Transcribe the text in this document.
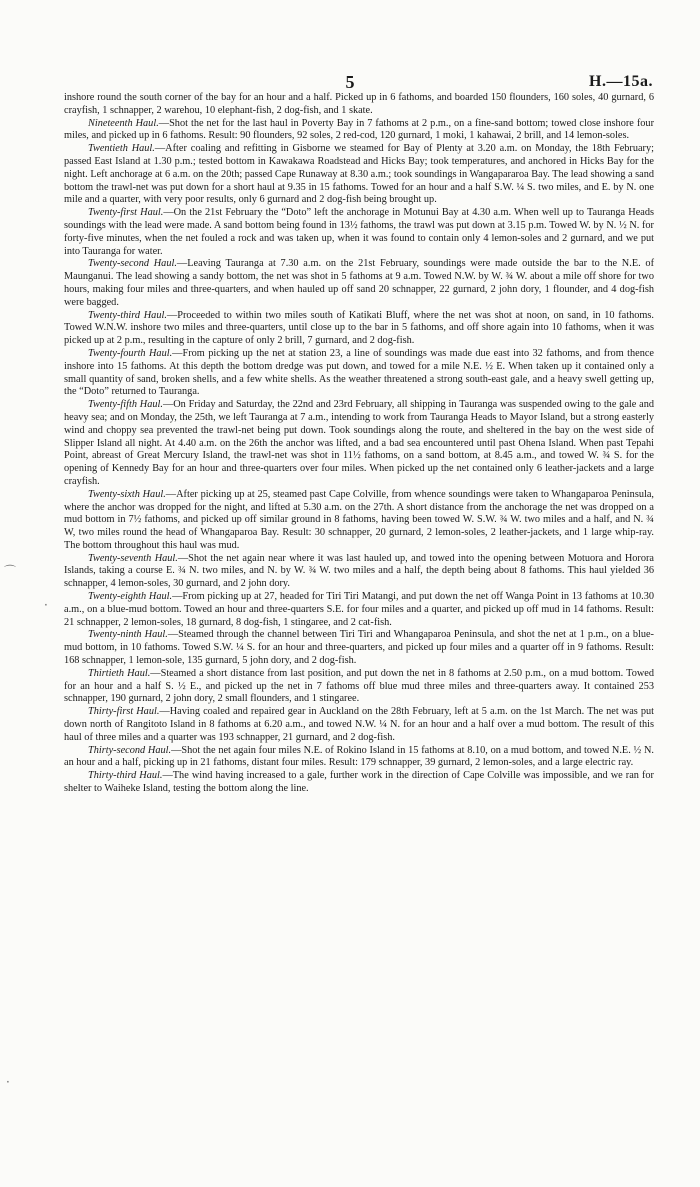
5	H.—15a.
⌒
·
·

inshore round the south corner of the bay for an hour and a half. Picked up in 6 fathoms, and boarded 150 flounders, 160 soles, 40 gurnard, 6 crayfish, 1 schnapper, 2 warehou, 10 elephant-fish, 2 dog-fish, and 1 skate.

Nineteenth Haul.—Shot the net for the last haul in Poverty Bay in 7 fathoms at 2 p.m., on a fine-sand bottom; towed close inshore four miles, and picked up in 6 fathoms. Result: 90 flounders, 92 soles, 2 red-cod, 120 gurnard, 1 moki, 1 kahawai, 2 brill, and 14 lemon-soles.

Twentieth Haul.—After coaling and refitting in Gisborne we steamed for Bay of Plenty at 3.20 a.m. on Monday, the 18th February; passed East Island at 1.30 p.m.; tested bottom in Kawakawa Roadstead and Hicks Bay; took temperatures, and anchored in Hicks Bay for the night. Left anchorage at 6 a.m. on the 20th; passed Cape Runaway at 8.30 a.m.; took soundings in Wangapararoa Bay. The lead showing a sand bottom the trawl-net was put down for a short haul at 9.35 in 15 fathoms. Towed for an hour and a half S.W. ¼ S. two miles, and E. by N. one mile and a quarter, with very poor results, only 6 gurnard and 2 dog-fish being brought up.

Twenty-first Haul.—On the 21st February the “Doto” left the anchorage in Motunui Bay at 4.30 a.m. When well up to Tauranga Heads soundings with the lead were made. A sand bottom being found in 13½ fathoms, the trawl was put down at 3.15 p.m. Towed W. by N. ½ N. for forty-five minutes, when the net fouled a rock and was taken up, when it was found to contain only 4 lemon-soles and 2 gurnard, and we put into Tauranga for water.

Twenty-second Haul.—Leaving Tauranga at 7.30 a.m. on the 21st February, soundings were made outside the bar to the N.E. of Maunganui. The lead showing a sandy bottom, the net was shot in 5 fathoms at 9 a.m. Towed N.W. by W. ¾ W. about a mile off shore for two hours, making four miles and three-quarters, and when hauled up off sand 20 schnapper, 22 gurnard, 2 john dory, 1 flounder, and 4 dog-fish were bagged.

Twenty-third Haul.—Proceeded to within two miles south of Katikati Bluff, where the net was shot at noon, on sand, in 10 fathoms. Towed W.N.W. inshore two miles and three-quarters, until close up to the bar in 5 fathoms, and off shore again into 10 fathoms, when it was picked up at 2 p.m., resulting in the capture of only 2 brill, 7 gurnard, and 2 dog-fish.

Twenty-fourth Haul.—From picking up the net at station 23, a line of soundings was made due east into 32 fathoms, and from thence inshore into 15 fathoms. At this depth the bottom dredge was put down, and towed for a mile N.E. ½ E. When taken up it contained only a small quantity of sand, broken shells, and a few white shells. As the weather threatened a strong south-east gale, and a heavy swell getting up, the “Doto” returned to Tauranga.

Twenty-fifth Haul.—On Friday and Saturday, the 22nd and 23rd February, all shipping in Tauranga was suspended owing to the gale and heavy sea; and on Monday, the 25th, we left Tauranga at 7 a.m., intending to work from Tauranga Heads to Mayor Island, but a strong easterly wind and choppy sea prevented the trawl-net being put down. Took soundings along the route, and sheltered in the bay on the west side of Slipper Island all night. At 4.40 a.m. on the 26th the anchor was lifted, and a bad sea encountered until past Ohena Island. When past Tepahi Point, abreast of Great Mercury Island, the trawl-net was shot in 11½ fathoms, on a sand bottom, at 8.45 a.m., and towed W. ¾ S. for the opening of Kennedy Bay for an hour and three-quarters over four miles. When picked up the net contained only 6 leather-jackets and a large crayfish.

Twenty-sixth Haul.—After picking up at 25, steamed past Cape Colville, from whence soundings were taken to Whangaparoa Peninsula, where the anchor was dropped for the night, and lifted at 5.30 a.m. on the 27th. A short distance from the anchorage the net was dropped on a mud bottom in 7½ fathoms, and picked up off similar ground in 8 fathoms, having been towed W. S.W. ¾ W. two miles and a half, and N. ¾ W, two miles round the head of Whangaparoa Bay. Result: 30 schnapper, 20 gurnard, 2 lemon-soles, 2 leather-jackets, and 1 large whip-ray. The bottom throughout this haul was mud.

Twenty-seventh Haul.—Shot the net again near where it was last hauled up, and towed into the opening between Motuora and Horora Islands, taking a course E. ¾ N. two miles, and N. by W. ¾ W. two miles and a half, the depth being about 8 fathoms. This haul yielded 36 schnapper, 4 lemon-soles, 30 gurnard, and 2 john dory.

Twenty-eighth Haul.—From picking up at 27, headed for Tiri Tiri Matangi, and put down the net off Wanga Point in 13 fathoms at 10.30 a.m., on a blue-mud bottom. Towed an hour and three-quarters S.E. for four miles and a quarter, and picked up off mud in 14 fathoms. Result: 21 schnapper, 2 lemon-soles, 18 gurnard, 8 dog-fish, 1 stingaree, and 2 cat-fish.

Twenty-ninth Haul.—Steamed through the channel between Tiri Tiri and Whangaparoa Peninsula, and shot the net at 1 p.m., on a blue-mud bottom, in 10 fathoms. Towed S.W. ¼ S. for an hour and three-quarters, and picked up four miles and a quarter off in 9 fathoms. Result: 168 schnapper, 1 lemon-sole, 135 gurnard, 5 john dory, and 2 dog-fish.

Thirtieth Haul.—Steamed a short distance from last position, and put down the net in 8 fathoms at 2.50 p.m., on a mud bottom. Towed for an hour and a half S. ½ E., and picked up the net in 7 fathoms off blue mud three miles and three-quarters away. It contained 253 schnapper, 190 gurnard, 2 john dory, 2 small flounders, and 1 stingaree.

Thirty-first Haul.—Having coaled and repaired gear in Auckland on the 28th February, left at 5 a.m. on the 1st March. The net was put down north of Rangitoto Island in 8 fathoms at 6.20 a.m., and towed N.W. ¼ N. for an hour and a half over a mud bottom. The result of this haul of three miles and a quarter was 193 schnapper, 21 gurnard, and 2 dog-fish.

Thirty-second Haul.—Shot the net again four miles N.E. of Rokino Island in 15 fathoms at 8.10, on a mud bottom, and towed N.E. ½ N. an hour and a half, picking up in 21 fathoms, distant four miles. Result: 179 schnapper, 39 gurnard, 2 lemon-soles, and a large electric ray.

Thirty-third Haul.—The wind having increased to a gale, further work in the direction of Cape Colville was impossible, and we ran for shelter to Waiheke Island, testing the bottom along the line.
